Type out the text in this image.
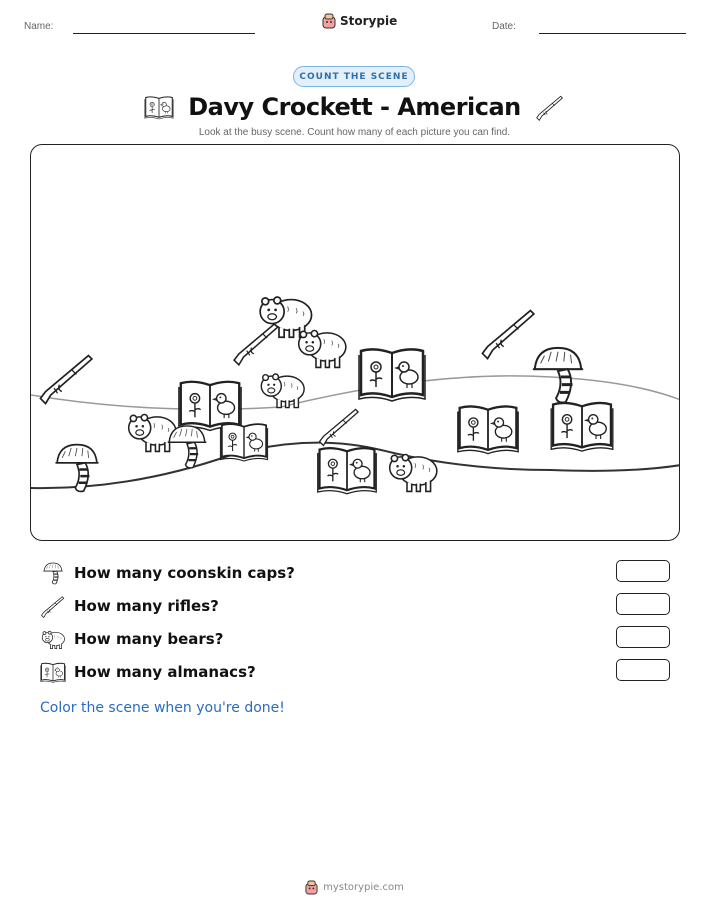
Name:	Storypie	Date:
COUNT THE SCENE
Davy Crockett - American
Look at the busy scene. Count how many of each picture you can find.
How many coonskin caps?
How many rifles?
How many bears?
How many almanacs?
Color the scene when you're done!
mystorypie.com
